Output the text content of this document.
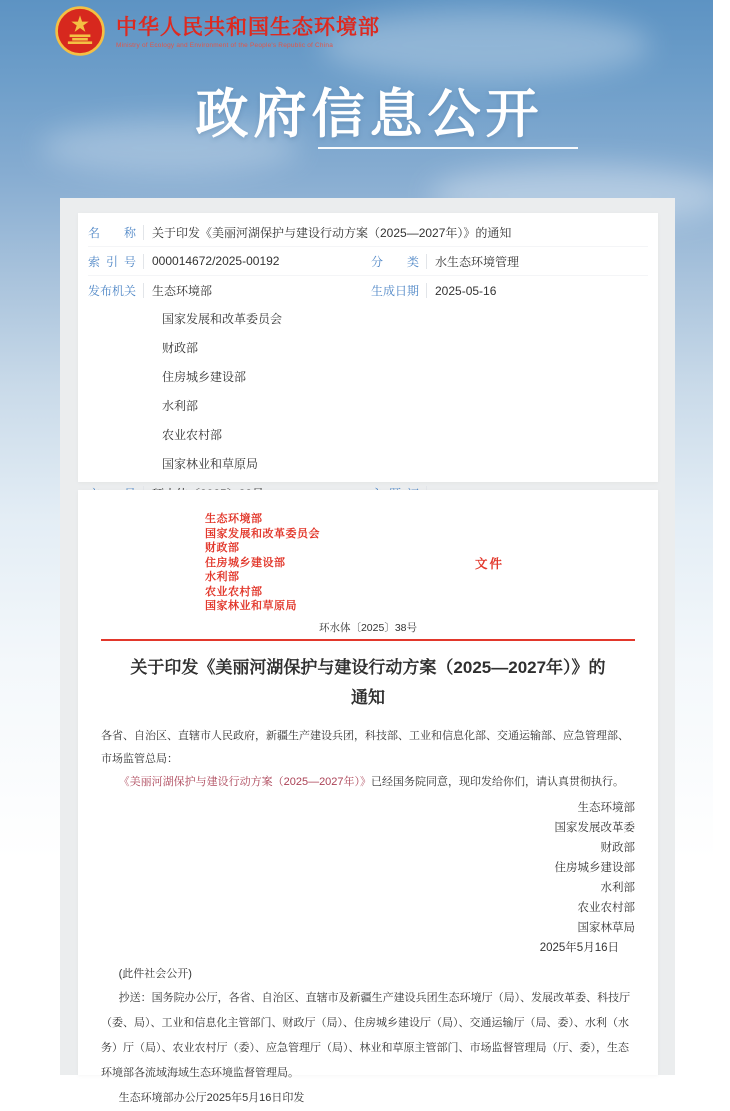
中华人民共和国生态环境部
Ministry of Ecology and Environment of the People's Republic of China
政府信息公开
名称 关于印发《美丽河湖保护与建设行动方案（2025—2027年）》的通知
索引号 000014672/2025-00192	分类 水生态环境管理
发布机关 生态环境部	生成日期 2025-05-16
国家发展和改革委员会
财政部
住房城乡建设部
水利部
农业农村部
国家林业和草原局
生态环境部
国家发展和改革委员会
财政部
住房城乡建设部
水利部
农业农村部
国家林业和草原局
文件
环水体〔2025〕38号
关于印发《美丽河湖保护与建设行动方案（2025—2027年）》的
通知

各省、自治区、直辖市人民政府，新疆生产建设兵团，科技部、工业和信息化部、交通运输部、应急管理部、市场监管总局：

《美丽河湖保护与建设行动方案（2025—2027年）》已经国务院同意，现印发给你们，请认真贯彻执行。

生态环境部
国家发展改革委
财政部
住房城乡建设部
水利部
农业农村部
国家林草局
2025年5月16日

(此件社会公开)

抄送：国务院办公厅，各省、自治区、直辖市及新疆生产建设兵团生态环境厅（局）、发展改革委、科技厅（委、局）、工业和信息化主管部门、财政厅（局）、住房城乡建设厅（局）、交通运输厅（局、委）、水利（水务）厅（局）、农业农村厅（委）、应急管理厅（局）、林业和草原主管部门、市场监督管理局（厅、委），生态环境部各流域海域生态环境监督管理局。

生态环境部办公厅2025年5月16日印发
